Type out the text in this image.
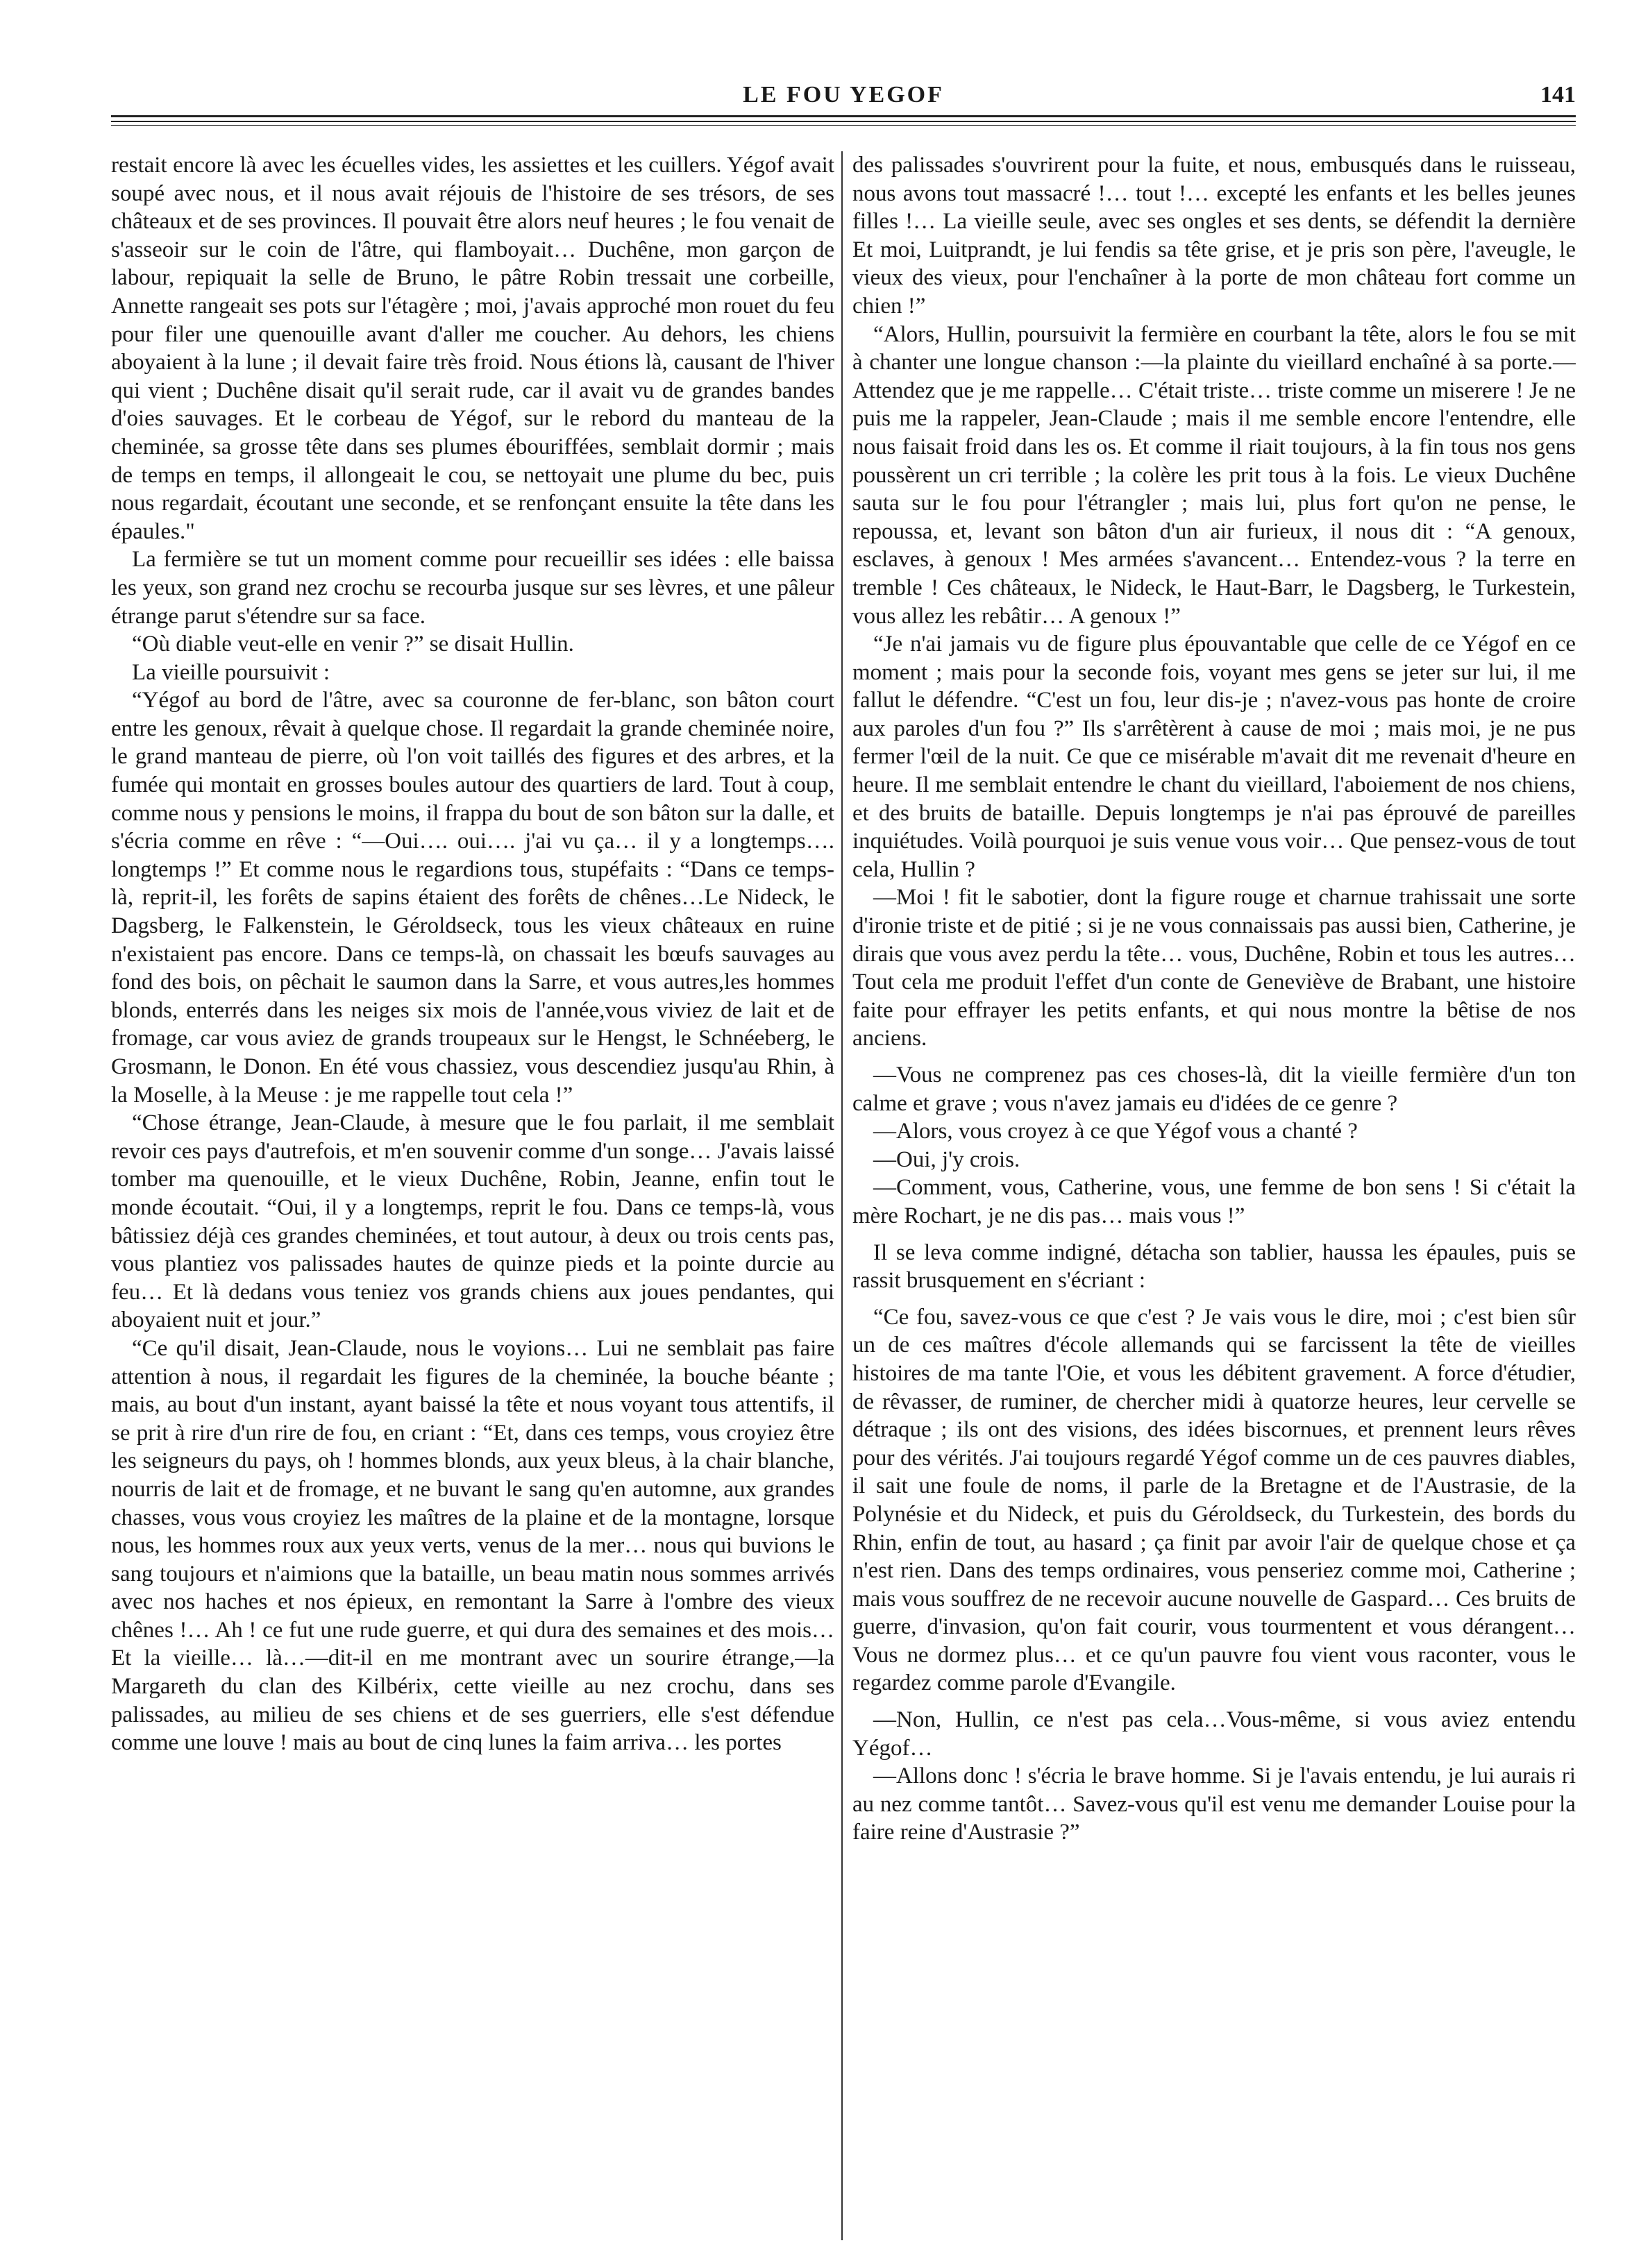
LE FOU YEGOF	141

restait encore là avec les écuelles vides, les assiettes et les cuillers. Yégof avait soupé avec nous, et il nous avait réjouis de l'histoire de ses trésors, de ses châteaux et de ses provinces. Il pouvait être alors neuf heures ; le fou venait de s'asseoir sur le coin de l'âtre, qui flamboyait… Duchêne, mon garçon de labour, repiquait la selle de Bruno, le pâtre Robin tressait une corbeille, Annette rangeait ses pots sur l'étagère ; moi, j'avais approché mon rouet du feu pour filer une quenouille avant d'aller me coucher. Au dehors, les chiens aboyaient à la lune ; il devait faire très froid. Nous étions là, causant de l'hiver qui vient ; Duchêne disait qu'il serait rude, car il avait vu de grandes bandes d'oies sauvages. Et le corbeau de Yégof, sur le rebord du manteau de la cheminée, sa grosse tête dans ses plumes ébouriffées, semblait dormir ; mais de temps en temps, il allongeait le cou, se nettoyait une plume du bec, puis nous regardait, écoutant une seconde, et se renfonçant ensuite la tête dans les épaules."

La fermière se tut un moment comme pour recueillir ses idées : elle baissa les yeux, son grand nez crochu se recourba jusque sur ses lèvres, et une pâleur étrange parut s'étendre sur sa face.

“Où diable veut-elle en venir ?” se disait Hullin.

La vieille poursuivit :

“Yégof au bord de l'âtre, avec sa couronne de fer-blanc, son bâton court entre les genoux, rêvait à quelque chose. Il regardait la grande cheminée noire, le grand manteau de pierre, où l'on voit taillés des figures et des arbres, et la fumée qui montait en grosses boules autour des quartiers de lard. Tout à coup, comme nous y pensions le moins, il frappa du bout de son bâton sur la dalle, et s'écria comme en rêve : “—Oui…. oui…. j'ai vu ça… il y a longtemps…. longtemps !” Et comme nous le regardions tous, stupéfaits : “Dans ce temps-là, reprit-il, les forêts de sapins étaient des forêts de chênes…Le Nideck, le Dagsberg, le Falkenstein, le Géroldseck, tous les vieux châteaux en ruine n'existaient pas encore. Dans ce temps-là, on chassait les bœufs sauvages au fond des bois, on pêchait le saumon dans la Sarre, et vous autres,les hommes blonds, enterrés dans les neiges six mois de l'année,vous viviez de lait et de fromage, car vous aviez de grands troupeaux sur le Hengst, le Schnéeberg, le Grosmann, le Donon. En été vous chassiez, vous descendiez jusqu'au Rhin, à la Moselle, à la Meuse : je me rappelle tout cela !”

“Chose étrange, Jean-Claude, à mesure que le fou parlait, il me semblait revoir ces pays d'autrefois, et m'en souvenir comme d'un songe… J'avais laissé tomber ma quenouille, et le vieux Duchêne, Robin, Jeanne, enfin tout le monde écoutait. “Oui, il y a longtemps, reprit le fou. Dans ce temps-là, vous bâtissiez déjà ces grandes cheminées, et tout autour, à deux ou trois cents pas, vous plantiez vos palissades hautes de quinze pieds et la pointe durcie au feu… Et là dedans vous teniez vos grands chiens aux joues pendantes, qui aboyaient nuit et jour.”

“Ce qu'il disait, Jean-Claude, nous le voyions… Lui ne semblait pas faire attention à nous, il regardait les figures de la cheminée, la bouche béante ; mais, au bout d'un instant, ayant baissé la tête et nous voyant tous attentifs, il se prit à rire d'un rire de fou, en criant : “Et, dans ces temps, vous croyiez être les seigneurs du pays, oh ! hommes blonds, aux yeux bleus, à la chair blanche, nourris de lait et de fromage, et ne buvant le sang qu'en automne, aux grandes chasses, vous vous croyiez les maîtres de la plaine et de la montagne, lorsque nous, les hommes roux aux yeux verts, venus de la mer… nous qui buvions le sang toujours et n'aimions que la bataille, un beau matin nous sommes arrivés avec nos haches et nos épieux, en remontant la Sarre à l'ombre des vieux chênes !… Ah ! ce fut une rude guerre, et qui dura des semaines et des mois… Et la vieille… là…—dit-il en me montrant avec un sourire étrange,—la Margareth du clan des Kilbérix, cette vieille au nez crochu, dans ses palissades, au milieu de ses chiens et de ses guerriers, elle s'est défendue comme une louve ! mais au bout de cinq lunes la faim arriva… les portes

des palissades s'ouvrirent pour la fuite, et nous, embusqués dans le ruisseau, nous avons tout massacré !… tout !… excepté les enfants et les belles jeunes filles !… La vieille seule, avec ses ongles et ses dents, se défendit la dernière Et moi, Luitprandt, je lui fendis sa tête grise, et je pris son père, l'aveugle, le vieux des vieux, pour l'enchaîner à la porte de mon château fort comme un chien !”

“Alors, Hullin, poursuivit la fermière en courbant la tête, alors le fou se mit à chanter une longue chanson :—la plainte du vieillard enchaîné à sa porte.—Attendez que je me rappelle… C'était triste… triste comme un miserere ! Je ne puis me la rappeler, Jean-Claude ; mais il me semble encore l'entendre, elle nous faisait froid dans les os. Et comme il riait toujours, à la fin tous nos gens poussèrent un cri terrible ; la colère les prit tous à la fois. Le vieux Duchêne sauta sur le fou pour l'étrangler ; mais lui, plus fort qu'on ne pense, le repoussa, et, levant son bâton d'un air furieux, il nous dit : “A genoux, esclaves, à genoux ! Mes armées s'avancent… Entendez-vous ? la terre en tremble ! Ces châteaux, le Nideck, le Haut-Barr, le Dagsberg, le Turkestein, vous allez les rebâtir… A genoux !”

“Je n'ai jamais vu de figure plus épouvantable que celle de ce Yégof en ce moment ; mais pour la seconde fois, voyant mes gens se jeter sur lui, il me fallut le défendre. “C'est un fou, leur dis-je ; n'avez-vous pas honte de croire aux paroles d'un fou ?” Ils s'arrêtèrent à cause de moi ; mais moi, je ne pus fermer l'œil de la nuit. Ce que ce misérable m'avait dit me revenait d'heure en heure. Il me semblait entendre le chant du vieillard, l'aboiement de nos chiens, et des bruits de bataille. Depuis longtemps je n'ai pas éprouvé de pareilles inquiétudes. Voilà pourquoi je suis venue vous voir… Que pensez-vous de tout cela, Hullin ?

—Moi ! fit le sabotier, dont la figure rouge et charnue trahissait une sorte d'ironie triste et de pitié ; si je ne vous connaissais pas aussi bien, Catherine, je dirais que vous avez perdu la tête… vous, Duchêne, Robin et tous les autres…Tout cela me produit l'effet d'un conte de Geneviève de Brabant, une histoire faite pour effrayer les petits enfants, et qui nous montre la bêtise de nos anciens.

—Vous ne comprenez pas ces choses-là, dit la vieille fermière d'un ton calme et grave ; vous n'avez jamais eu d'idées de ce genre ?

—Alors, vous croyez à ce que Yégof vous a chanté ?

—Oui, j'y crois.

—Comment, vous, Catherine, vous, une femme de bon sens ! Si c'était la mère Rochart, je ne dis pas… mais vous !”

Il se leva comme indigné, détacha son tablier, haussa les épaules, puis se rassit brusquement en s'écriant :

“Ce fou, savez-vous ce que c'est ? Je vais vous le dire, moi ; c'est bien sûr un de ces maîtres d'école allemands qui se farcissent la tête de vieilles histoires de ma tante l'Oie, et vous les débitent gravement. A force d'étudier, de rêvasser, de ruminer, de chercher midi à quatorze heures, leur cervelle se détraque ; ils ont des visions, des idées biscornues, et prennent leurs rêves pour des vérités. J'ai toujours regardé Yégof comme un de ces pauvres diables, il sait une foule de noms, il parle de la Bretagne et de l'Austrasie, de la Polynésie et du Nideck, et puis du Géroldseck, du Turkestein, des bords du Rhin, enfin de tout, au hasard ; ça finit par avoir l'air de quelque chose et ça n'est rien. Dans des temps ordinaires, vous penseriez comme moi, Catherine ; mais vous souffrez de ne recevoir aucune nouvelle de Gaspard… Ces bruits de guerre, d'invasion, qu'on fait courir, vous tourmentent et vous dérangent… Vous ne dormez plus… et ce qu'un pauvre fou vient vous raconter, vous le regardez comme parole d'Evangile.

—Non, Hullin, ce n'est pas cela…Vous-même, si vous aviez entendu Yégof…

—Allons donc ! s'écria le brave homme. Si je l'avais entendu, je lui aurais ri au nez comme tantôt… Savez-vous qu'il est venu me demander Louise pour la faire reine d'Austrasie ?”
